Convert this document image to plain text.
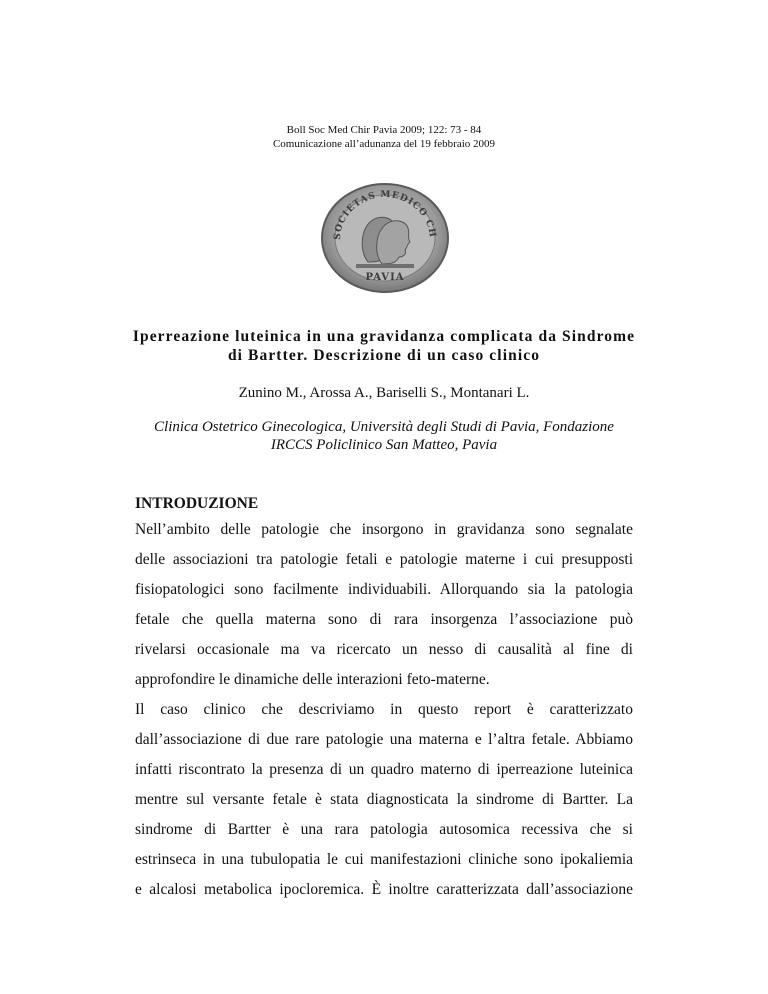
Boll Soc Med Chir Pavia 2009; 122: 73 - 84
Comunicazione all’adunanza del 19 febbraio 2009
SOCIETAS MEDICO CH
PAVIA
Iperreazione luteinica in una gravidanza complicata da Sindrome
di Bartter. Descrizione di un caso clinico
Zunino M., Arossa A., Bariselli S., Montanari L.
Clinica Ostetrico Ginecologica, Università degli Studi di Pavia, Fondazione
IRCCS Policlinico San Matteo, Pavia
INTRODUZIONE
Nell’ambito delle patologie che insorgono in gravidanza sono segnalate
delle associazioni tra patologie fetali e patologie materne i cui presupposti
fisiopatologici sono facilmente individuabili. Allorquando sia la patologia
fetale che quella materna sono di rara insorgenza l’associazione può
rivelarsi occasionale ma va ricercato un nesso di causalità al fine di
approfondire le dinamiche delle interazioni feto-materne.
Il caso clinico che descriviamo in questo report è caratterizzato
dall’associazione di due rare patologie una materna e l’altra fetale. Abbiamo
infatti riscontrato la presenza di un quadro materno di iperreazione luteinica
mentre sul versante fetale è stata diagnosticata la sindrome di Bartter. La
sindrome di Bartter è una rara patologia autosomica recessiva che si
estrinseca in una tubulopatia le cui manifestazioni cliniche sono ipokaliemia
e alcalosi metabolica ipocloremica. È inoltre caratterizzata dall’associazione
